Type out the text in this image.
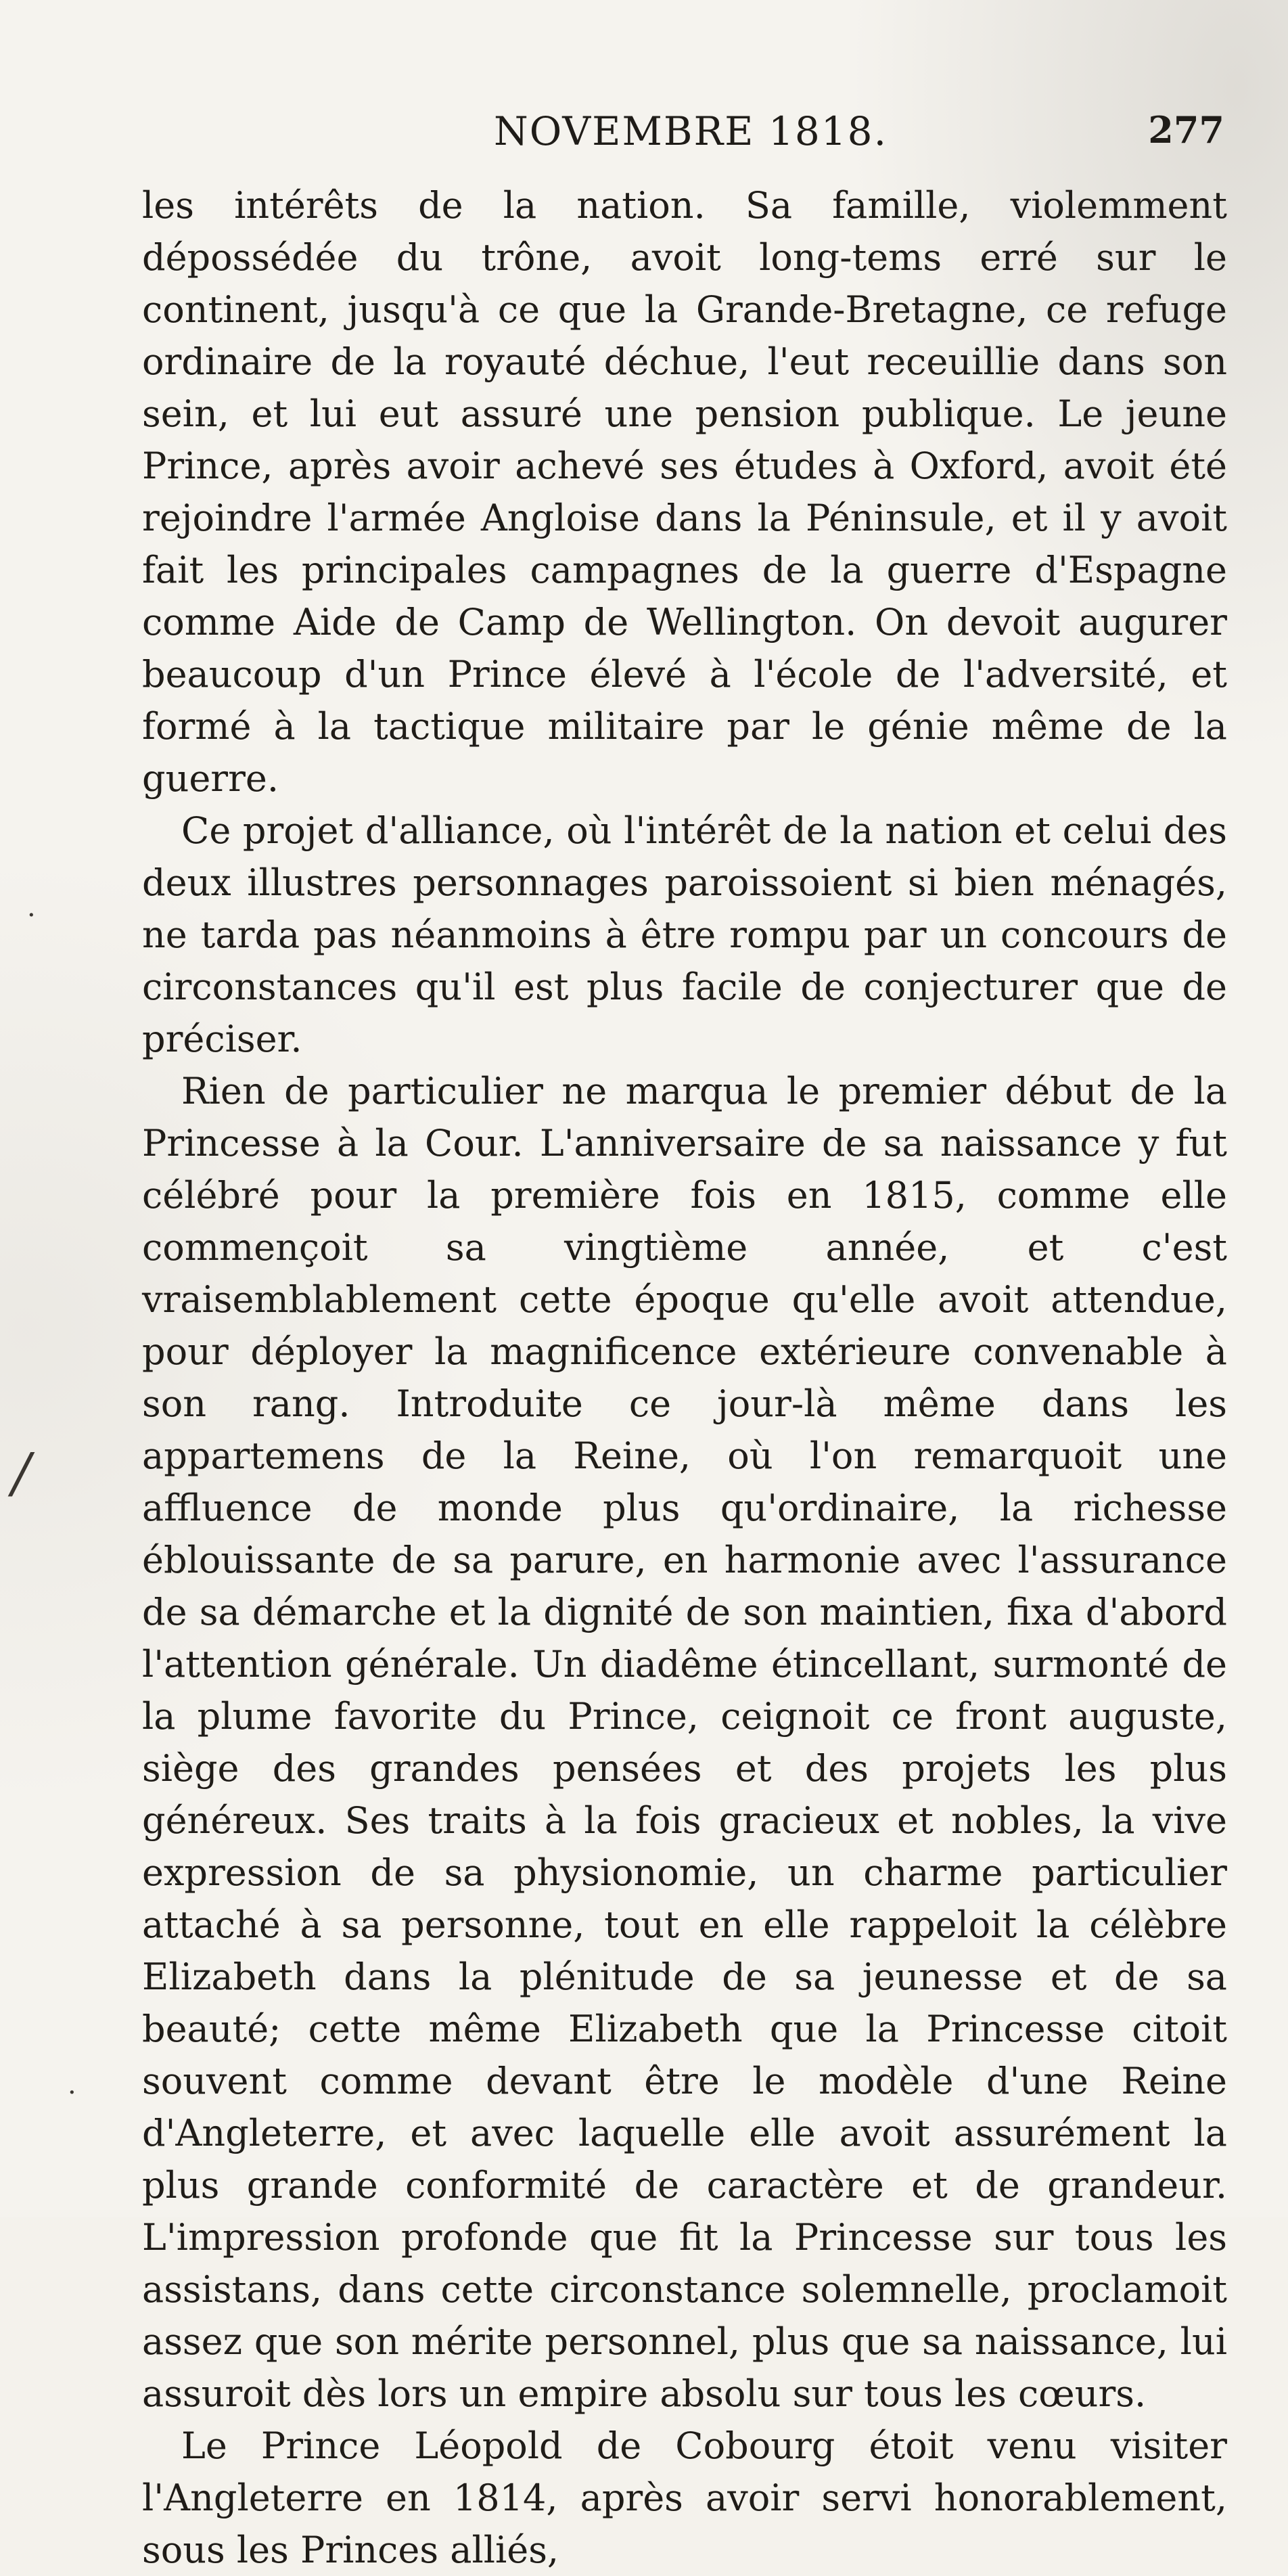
NOVEMBRE 1818.	277

les intérêts de la nation. Sa famille, violemment dépossédée du trône, avoit long-tems erré sur le continent, jusqu'à ce que la Grande-Bretagne, ce refuge ordinaire de la royauté déchue, l'eut receuillie dans son sein, et lui eut assuré une pension publique. Le jeune Prince, après avoir achevé ses études à Oxford, avoit été rejoindre l'armée Angloise dans la Péninsule, et il y avoit fait les principales campagnes de la guerre d'Espagne comme Aide de Camp de Wellington. On devoit augurer beaucoup d'un Prince élevé à l'école de l'adversité, et formé à la tactique militaire par le génie même de la guerre.

Ce projet d'alliance, où l'intérêt de la nation et celui des deux illustres personnages paroissoient si bien ménagés, ne tarda pas néanmoins à être rompu par un concours de circonstances qu'il est plus facile de conjecturer que de préciser.

Rien de particulier ne marqua le premier début de la Princesse à la Cour. L'anniversaire de sa naissance y fut célébré pour la première fois en 1815, comme elle commençoit sa vingtième année, et c'est vraisemblablement cette époque qu'elle avoit attendue, pour déployer la magnificence extérieure convenable à son rang. Introduite ce jour-là même dans les appartemens de la Reine, où l'on remarquoit une affluence de monde plus qu'ordinaire, la richesse éblouissante de sa parure, en harmonie avec l'assurance de sa démarche et la dignité de son maintien, fixa d'abord l'attention générale. Un diadême étincellant, surmonté de la plume favorite du Prince, ceignoit ce front auguste, siège des grandes pensées et des projets les plus généreux. Ses traits à la fois gracieux et nobles, la vive expression de sa physionomie, un charme particulier attaché à sa personne, tout en elle rappeloit la célèbre Elizabeth dans la plénitude de sa jeunesse et de sa beauté; cette même Elizabeth que la Princesse citoit souvent comme devant être le modèle d'une Reine d'Angleterre, et avec laquelle elle avoit assurément la plus grande conformité de caractère et de grandeur. L'impression profonde que fit la Princesse sur tous les assistans, dans cette circonstance solemnelle, proclamoit assez que son mérite personnel, plus que sa naissance, lui assuroit dès lors un empire absolu sur tous les cœurs.

Le Prince Léopold de Cobourg étoit venu visiter l'Angleterre en 1814, après avoir servi honorablement, sous les Princes alliés,

·
/
·
